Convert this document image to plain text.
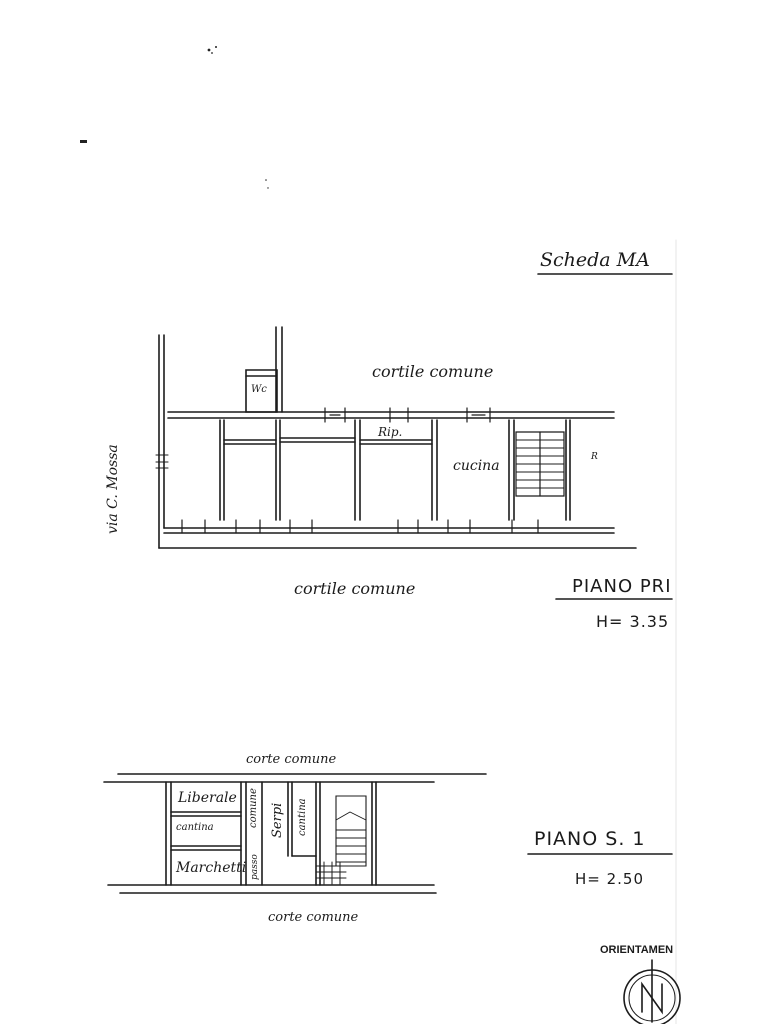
Scheda MA
cortile comune
Wc
Rip.
cucina
R
via C. Mossa
cortile comune	PIANO PRI
H= 3.35
corte comune
Liberale
cantina
Marchetti
comune
passo
Serpi cantina
corte comune
PIANO S. 1
H= 2.50
ORIENTAMEN
